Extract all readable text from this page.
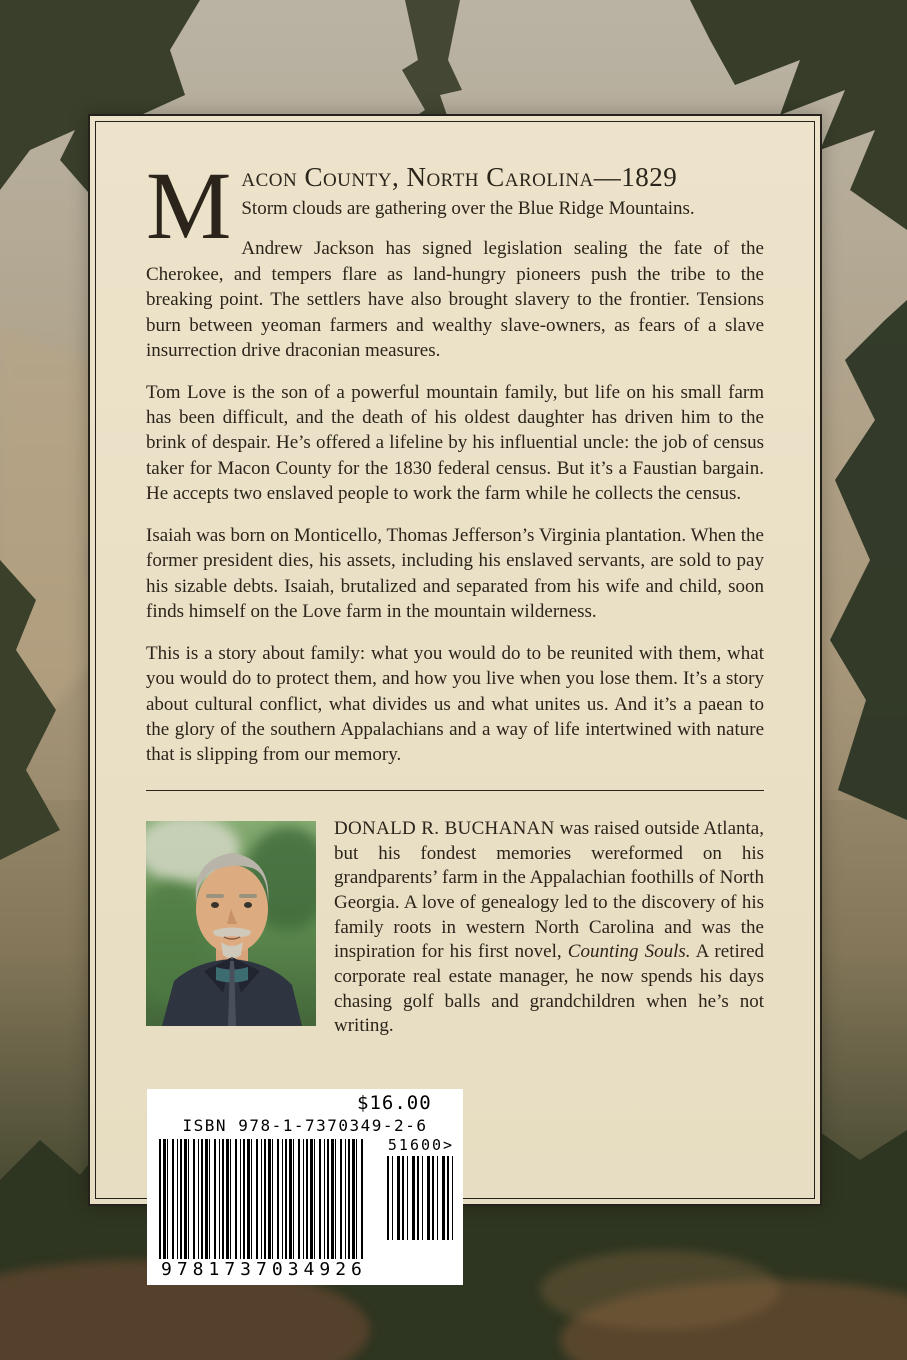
M acon County, North Carolina—1829
Storm clouds are gathering over the Blue Ridge Mountains.

Andrew Jackson has signed legislation sealing the fate of the Cherokee, and tempers flare as land-hungry pioneers push the tribe to the breaking point. The settlers have also brought slavery to the frontier. Tensions burn between yeoman farmers and wealthy slave-owners, as fears of a slave insurrection drive draconian measures.

Tom Love is the son of a powerful mountain family, but life on his small farm has been difficult, and the death of his oldest daughter has driven him to the brink of despair. He’s offered a lifeline by his influential uncle: the job of census taker for Macon County for the 1830 federal census. But it’s a Faustian bargain. He accepts two enslaved people to work the farm while he collects the census.

Isaiah was born on Monticello, Thomas Jefferson’s Virginia plantation. When the former president dies, his assets, including his enslaved servants, are sold to pay his sizable debts. Isaiah, brutalized and separated from his wife and child, soon finds himself on the Love farm in the mountain wilderness.

This is a story about family: what you would do to be reunited with them, what you would do to protect them, and how you live when you lose them. It’s a story about cultural conflict, what divides us and what unites us. And it’s a paean to the glory of the southern Appalachians and a way of life intertwined with nature that is slipping from our memory.

DONALD R. BUCHANAN was raised outside Atlanta, but his fondest memories wereformed on his grandparents’ farm in the Appalachian foothills of North Georgia. A love of genealogy led to the discovery of his family roots in western North Carolina and was the inspiration for his first novel, Counting Souls. A retired corporate real estate manager, he now spends his days chasing golf balls and grandchildren when he’s not writing.

$16.00
ISBN 978-1-7370349-2-6
51600>
9781737034926
